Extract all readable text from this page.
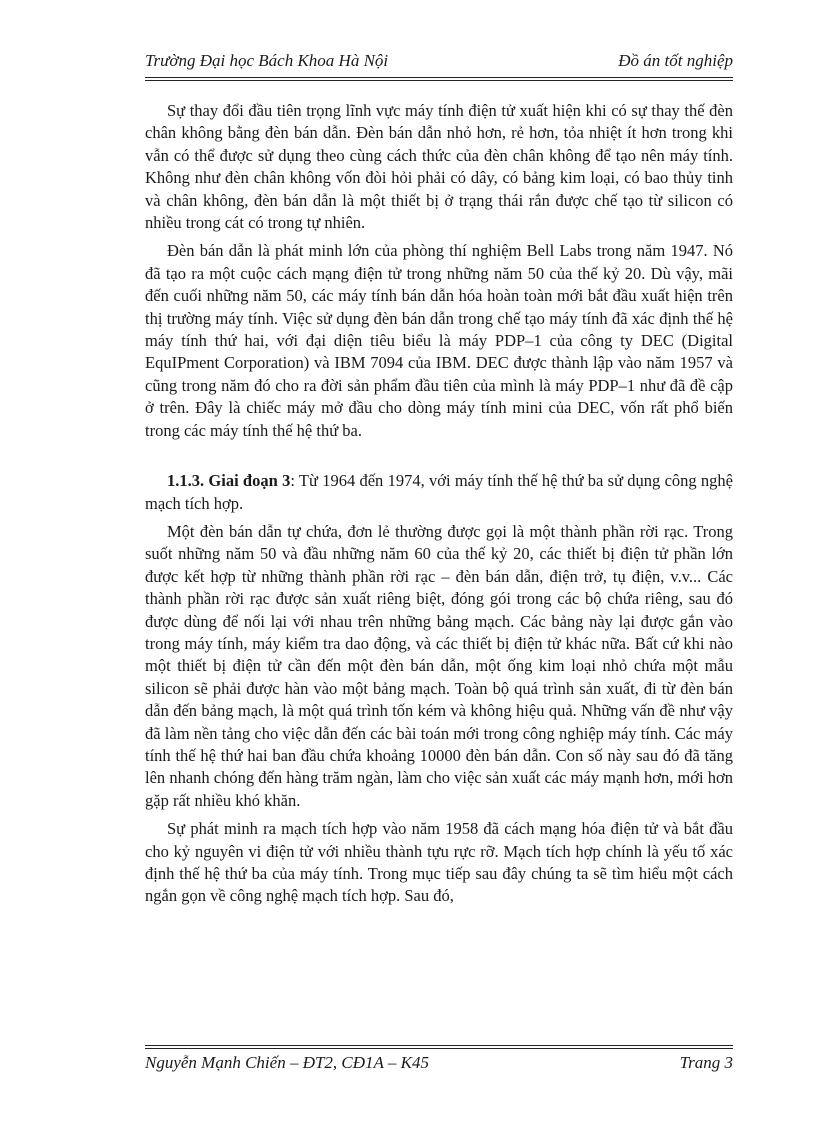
Trường Đại học Bách Khoa Hà Nội	Đồ án tốt nghiệp

Sự thay đổi đầu tiên trọng lĩnh vực máy tính điện tử xuất hiện khi có sự thay thế đèn chân không bằng đèn bán dẫn. Đèn bán dẫn nhỏ hơn, rẻ hơn, tỏa nhiệt ít hơn trong khi vẫn có thể được sử dụng theo cùng cách thức của đèn chân không để tạo nên máy tính. Không như đèn chân không vốn đòi hỏi phải có dây, có bảng kim loại, có bao thủy tinh và chân không, đèn bán dẫn là một thiết bị ở trạng thái rắn được chế tạo từ silicon có nhiều trong cát có trong tự nhiên.

Đèn bán dẫn là phát minh lớn của phòng thí nghiệm Bell Labs trong năm 1947. Nó đã tạo ra một cuộc cách mạng điện tử trong những năm 50 của thế kỷ 20. Dù vậy, mãi đến cuối những năm 50, các máy tính bán dẫn hóa hoàn toàn mới bắt đầu xuất hiện trên thị trường máy tính. Việc sử dụng đèn bán dẫn trong chế tạo máy tính đã xác định thế hệ máy tính thứ hai, với đại diện tiêu biểu là máy PDP–1 của công ty DEC (Digital EquIPment Corporation) và IBM 7094 của IBM. DEC được thành lập vào năm 1957 và cũng trong năm đó cho ra đời sản phẩm đầu tiên của mình là máy PDP–1 như đã đề cập ở trên. Đây là chiếc máy mở đầu cho dòng máy tính mini của DEC, vốn rất phổ biến trong các máy tính thế hệ thứ ba.

1.1.3. Giai đoạn 3: Từ 1964 đến 1974, với máy tính thế hệ thứ ba sử dụng công nghệ mạch tích hợp.

Một đèn bán dẫn tự chứa, đơn lẻ thường được gọi là một thành phần rời rạc. Trong suốt những năm 50 và đầu những năm 60 của thế kỷ 20, các thiết bị điện tử phần lớn được kết hợp từ những thành phần rời rạc – đèn bán dẫn, điện trở, tụ điện, v.v... Các thành phần rời rạc được sản xuất riêng biệt, đóng gói trong các bộ chứa riêng, sau đó được dùng để nối lại với nhau trên những bảng mạch. Các bảng này lại được gắn vào trong máy tính, máy kiểm tra dao động, và các thiết bị điện tử khác nữa. Bất cứ khi nào một thiết bị điện tử cần đến một đèn bán dẫn, một ống kim loại nhỏ chứa một mẫu silicon sẽ phải được hàn vào một bảng mạch. Toàn bộ quá trình sản xuất, đi từ đèn bán dẫn đến bảng mạch, là một quá trình tốn kém và không hiệu quả. Những vấn đề như vậy đã làm nền tảng cho việc dẫn đến các bài toán mới trong công nghiệp máy tính. Các máy tính thế hệ thứ hai ban đầu chứa khoảng 10000 đèn bán dẫn. Con số này sau đó đã tăng lên nhanh chóng đến hàng trăm ngàn, làm cho việc sản xuất các máy mạnh hơn, mới hơn gặp rất nhiều khó khăn.

Sự phát minh ra mạch tích hợp vào năm 1958 đã cách mạng hóa điện tử và bắt đầu cho kỷ nguyên vi điện tử với nhiều thành tựu rực rỡ. Mạch tích hợp chính là yếu tố xác định thế hệ thứ ba của máy tính. Trong mục tiếp sau đây chúng ta sẽ tìm hiểu một cách ngắn gọn về công nghệ mạch tích hợp. Sau đó,

Nguyễn Mạnh Chiến – ĐT2, CĐ1A – K45	Trang 3
